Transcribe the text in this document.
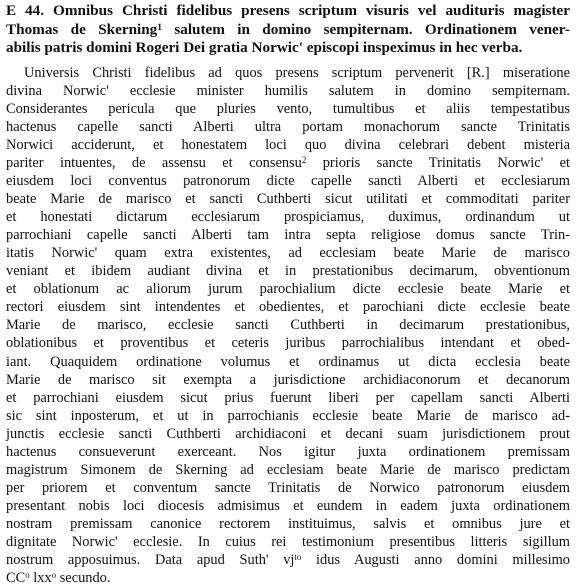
E 44. Omnibus Christi fidelibus presens scriptum visuris vel audituris magister
Thomas de Skerning$^1$ salutem in domino sempiternam. Ordinationem vener-
abilis patris domini Rogeri Dei gratia Norwic' episcopi inspeximus in hec verba.
Universis Christi fidelibus ad quos presens scriptum pervenerit [R.] miseratione
divina Norwic' ecclesie minister humilis salutem in domino sempiternam.
Considerantes pericula que pluries vento, tumultibus et aliis tempestatibus
hactenus capelle sancti Alberti ultra portam monachorum sancte Trinitatis
Norwici acciderunt, et honestatem loci quo divina celebrari debent misteria
pariter intuentes, de assensu et consensu$^2$ prioris sancte Trinitatis Norwic' et
eiusdem loci conventus patronorum dicte capelle sancti Alberti et ecclesiarum
beate Marie de marisco et sancti Cuthberti sicut utilitati et commoditati pariter
et honestati dictarum ecclesiarum prospiciamus, duximus, ordinandum ut
parrochiani capelle sancti Alberti tam intra septa religiose domus sancte Trin-
itatis Norwic' quam extra existentes, ad ecclesiam beate Marie de marisco
veniant et ibidem audiant divina et in prestationibus decimarum, obventionum
et oblationum ac aliorum jurum parochialium dicte ecclesie beate Marie et
rectori eiusdem sint intendentes et obedientes, et parochiani dicte ecclesie beate
Marie de marisco, ecclesie sancti Cuthberti in decimarum prestationibus,
oblationibus et proventibus et ceteris juribus parrochialibus intendant et obed-
iant. Quaquidem ordinatione volumus et ordinamus ut dicta ecclesia beate
Marie de marisco sit exempta a jurisdictione archidiaconorum et decanorum
et parrochiani eiusdem sicut prius fuerunt liberi per capellam sancti Alberti
sic sint inposterum, et ut in parrochianis ecclesie beate Marie de marisco ad-
junctis ecclesie sancti Cuthberti archidiaconi et decani suam jurisdictionem prout
hactenus consueverunt exerceant. Nos igitur juxta ordinationem premissam
magistrum Simonem de Skerning ad ecclesiam beate Marie de marisco predictam
per priorem et conventum sancte Trinitatis de Norwico patronorum eiusdem
presentant nobis loci diocesis admisimus et eundem in eadem juxta ordinationem
nostram premissam canonice rectorem instituimus, salvis et omnibus jure et
dignitate Norwic' ecclesie. In cuius rei testimonium presentibus litteris sigillum
nostrum apposuimus. Data apud Suth' $vj^{to}$ idus Augusti anno domini millesimo
$CC^o$ lxx$^o$ secundo.
